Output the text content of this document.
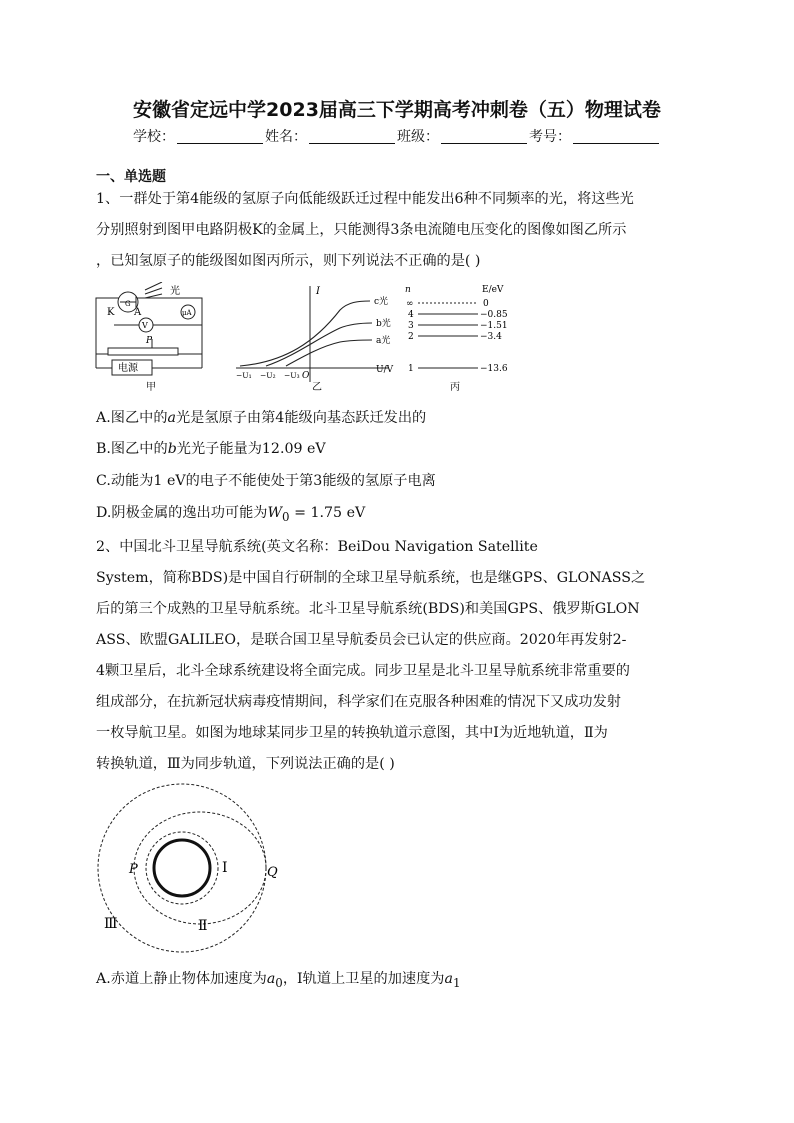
安徽省定远中学2023届高三下学期高考冲刺卷（五）物理试卷
学校：	姓名：	班级：	考号：
一、单选题

1、一群处于第4能级的氢原子向低能级跃迁过程中能发出6种不同频率的光，将这些光
分别照射到图甲电路阴极K的金属上，只能测得3条电流随电压变化的图像如图乙所示
，已知氢原子的能级图如图丙所示，则下列说法不正确的是( )

光
K A
G
V
μA
P
电源
甲
I
U/V
O
c光
b光
a光
−U₁ −U₂ −U₃
乙
n	E/eV
∞	0
4	−0.85
3	−1.51
2	−3.4
1	−13.6
丙
A.图乙中的a光是氢原子由第4能级向基态跃迁发出的
B.图乙中的b光光子能量为12.09 eV
C.动能为1 eV的电子不能使处于第3能级的氢原子电离
D.阴极金属的逸出功可能为$W_0 = 1.75$ eV

2、中国北斗卫星导航系统(英文名称：BeiDou Navigation Satellite
System，简称BDS)是中国自行研制的全球卫星导航系统，也是继GPS、GLONASS之
后的第三个成熟的卫星导航系统。北斗卫星导航系统(BDS)和美国GPS、俄罗斯GLON
ASS、欧盟GALILEO，是联合国卫星导航委员会已认定的供应商。2020年再发射2-
4颗卫星后，北斗全球系统建设将全面完成。同步卫星是北斗卫星导航系统非常重要的
组成部分，在抗新冠状病毒疫情期间，科学家们在克服各种困难的情况下又成功发射
一枚导航卫星。如图为地球某同步卫星的转换轨道示意图，其中Ⅰ为近地轨道，Ⅱ为
转换轨道，Ⅲ为同步轨道，下列说法正确的是( )

P	Q
Ⅰ
Ⅱ
Ⅲ
A.赤道上静止物体加速度为$a_0$，Ⅰ轨道上卫星的加速度为$a_1$
